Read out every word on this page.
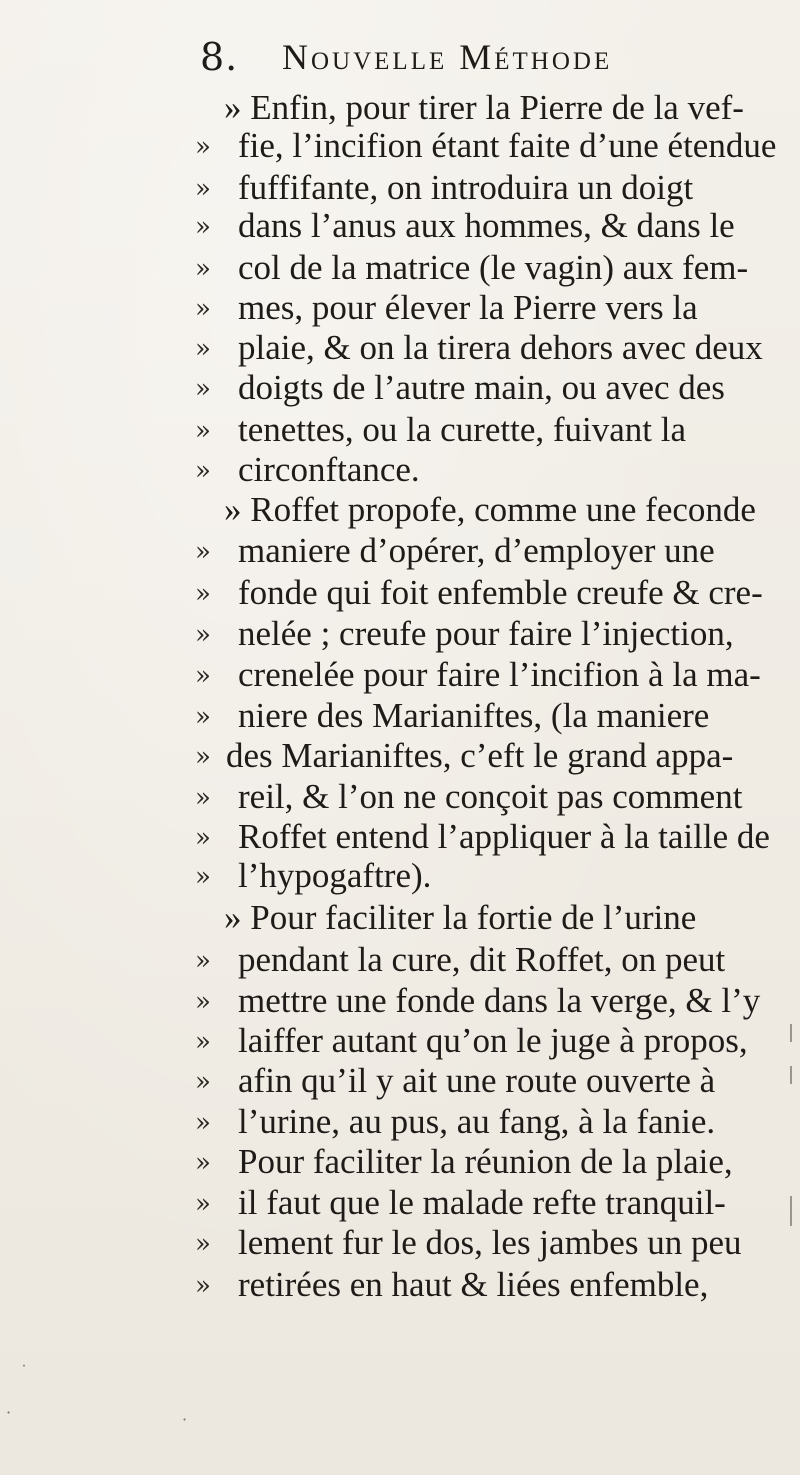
8. Nouvelle Méthode
»
»
»
»
»
»
»
»
»
»
»
»
»
»
»
»
»
»
»
»
»
»
»
»
»
»
»
» Enfin, pour tirer la Pierre de la vef-
fie, l’incifion étant faite d’une étendue
fuffifante, on introduira un doigt
dans l’anus aux hommes, & dans le
col de la matrice (le vagin) aux fem-
mes, pour élever la Pierre vers la
plaie, & on la tirera dehors avec deux
doigts de l’autre main, ou avec des
tenettes, ou la curette, fuivant la
circonftance.
» Roffet propofe, comme une feconde
maniere d’opérer, d’employer une
fonde qui foit enfemble creufe & cre-
nelée ; creufe pour faire l’injection,
crenelée pour faire l’incifion à la ma-
niere des Marianiftes, (la maniere
des Marianiftes, c’eft le grand appa-
reil, & l’on ne conçoit pas comment
Roffet entend l’appliquer à la taille de
l’hypogaftre).
» Pour faciliter la fortie de l’urine
pendant la cure, dit Roffet, on peut
mettre une fonde dans la verge, & l’y
laiffer autant qu’on le juge à propos,
afin qu’il y ait une route ouverte à
l’urine, au pus, au fang, à la fanie.
Pour faciliter la réunion de la plaie,
il faut que le malade refte tranquil-
lement fur le dos, les jambes un peu
retirées en haut & liées enfemble,
˙
·	·
